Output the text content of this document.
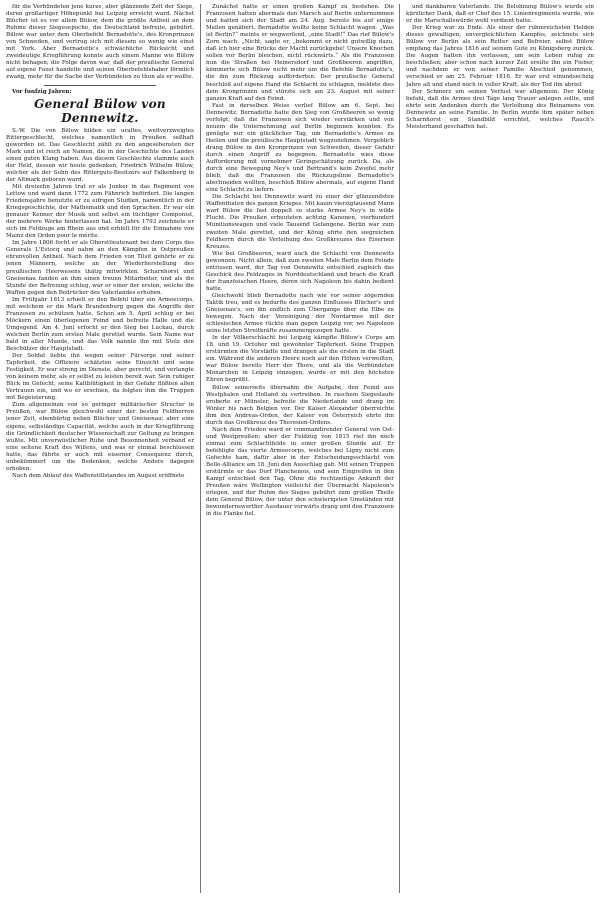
für die Verbündeten jene kurze, aber glänzende Zeit der Siege, deren großartiger Höhepunkt bei Leipzig erreicht ward. Nächst Blücher ist es vor allem Bülow, dem die größte Antheil an dem Ruhme dieser Siegesepoche, die Deutschland befreite, gebührt. Bülow war unter dem Oberbefehl Bernadotte's, des Kronprinzen von Schweden, und vertrug sich mit diesem so wenig wie einst mit York. Aber Bernadotte's schwächliche Rücksicht und zweideutige Kriegführung konnte auch einem Manne wie Bülow nicht behagen; die Folge davon war, daß der preußische General auf eigene Faust handelte und seinen Oberbefehlshaber förmlich zwang, mehr für die Sache der Verbündeten zu thun als er wollte.

Vor funfzig Jahren:

General Bülow von Dennewitz.

S.-W. Die von Bülow bilden ein uraltes, weitverzweigtes Rittergeschlecht, welches namentlich in Preußen seßhaft geworden ist. Das Geschlecht zählt zu den angesehensten der Mark und ist reich an Namen, die in der Geschichte des Landes einen guten Klang haben. Aus diesem Geschlechte stammte auch der Held, dessen wir heute gedenken, Friedrich Wilhelm Bülow, welcher als der Sohn des Ritterguts-Besitzers auf Falkenberg in der Altmark geboren ward.

Mit dreizehn Jahren trat er als Junker in das Regiment von Lettow und ward dann 1772 zum Fähnrich befördert. Die langen Friedensjahre benutzte er zu eifrigen Studien, namentlich in der Kriegsgeschichte, der Mathematik und den Sprachen. Er war ein genauer Kenner der Musik und selbst ein tüchtiger Componist, der mehrere Werke hinterlassen hat. Im Jahre 1793 zeichnete er sich im Feldzuge am Rhein aus und erhielt für die Einnahme von Mainz den Orden pour le mérite.

Im Jahre 1806 focht er als Oberstlieutenant bei dem Corps des Generals L'Estocq und nahm an den Kämpfen in Ostpreußen ehrenvollen Antheil. Nach dem Frieden von Tilsit gehörte er zu jenen Männern, welche an der Wiederherstellung des preußischen Heerwesens thätig mitwirkten. Scharnhorst und Gneisenau fanden an ihm einen treuen Mitarbeiter, und als die Stunde der Befreiung schlug, war er einer der ersten, welche die Waffen gegen den Bedrücker des Vaterlandes erhoben.

Im Frühjahr 1813 erhielt er den Befehl über ein Armeecorps, mit welchem er die Mark Brandenburg gegen die Angriffe der Franzosen zu schützen hatte. Schon am 5. April schlug er bei Möckern einen überlegenen Feind und befreite Halle und die Umgegend. Am 4. Juni erfocht er den Sieg bei Luckau, durch welchen Berlin zum ersten Male gerettet wurde. Sein Name war bald in aller Munde, und das Volk nannte ihn mit Stolz den Beschützer der Hauptstadt.

Der Soldat liebte ihn wegen seiner Fürsorge und seiner Tapferkeit, die Offiziere schätzten seine Einsicht und seine Festigkeit. Er war streng im Dienste, aber gerecht, und verlangte von keinem mehr, als er selbst zu leisten bereit war. Sein ruhiger Blick im Gefecht, seine Kaltblütigkeit in der Gefahr flößten allen Vertrauen ein, und wo er erschien, da folgten ihm die Truppen mit Begeisterung.

Zum allgemeinen von so geringer militärischer Structur in Preußen, war Bülow gleichwohl einer der besten Feldherren jener Zeit, ebenbürtig neben Blücher und Gneisenau; aber eine eigene, selbständige Capacität, welche auch in der Kriegführung die Gründlichkeit deutscher Wissenschaft zur Geltung zu bringen wußte. Mit unverwüstlicher Ruhe und Besonnenheit verband er eine seltene Kraft des Willens, und was er einmal beschlossen hatte, das führte er auch mit eiserner Consequenz durch, unbekümmert um die Bedenken, welche Andere dagegen erhoben.

Nach dem Ablauf des Waffenstillstandes im August eröffnete

Zunächst hatte er einen großen Kampf zu bestehen. Die Franzosen hatten abermals den Marsch auf Berlin unternommen und hatten sich der Stadt am 24. Aug. bereits bis auf einige Meilen genähert. Bernadotte wollte keine Schlacht wagen. „Was ist Berlin?“ meinte er wegwerfend, „eine Stadt!“ Das rief Bülow's Zorn wach. „Nicht, sagte er, „bekommt er nicht gutwillig dazu, daß ich hier eine Brücke der Macht zurückgebe! Unsere Knochen sollen vor Berlin bleichen, nicht rückwärts.“ Als die Franzosen nun die Straßen bei Heinersdorf und Großbeeren angriffen, kümmerte sich Bülow nicht mehr um die Befehle Bernadotte's, die ihn zum Rückzug aufforderten. Der preußische General beschloß auf eigene Hand die Schlacht zu schlagen, meldete dies dem Kronprinzen und stürzte sich am 23. August mit seiner ganzen Kraft auf den Feind.

Fast in derselben Weise verlief Bülow am 6. Sept. bei Dennewitz. Bernadotte hatte den Sieg von Großbeeren so wenig verfolgt, daß die Franzosen sich wieder verstärken und von neuem die Unternehmung auf Berlin beginnen konnten. Es genügte nur ein glücklicher Tag, um Bernadotte's Armee zu theilen und die preußische Hauptstadt wegzunehmen. Vergeblich drang Bülow in den Kronprinzen von Schweden, dieser Gefahr durch einen Angriff zu begegnen. Bernadotte wies diese Aufforderung mit vornehmer Geringschätzung zurück. Da, als durch eine Bewegung Ney's und Bertrand's kein Zweifel mehr blieb, daß die Franzosen die Rückzugslinie Bernadotte's abschneiden wollten, beschloß Bülow abermals, auf eigene Hand eine Schlacht zu liefern.

Die Schlacht bei Dennewitz ward zu einer der glänzendsten Waffenthaten des ganzen Krieges. Mit kaum vierzigtausend Mann warf Bülow die fast doppelt so starke Armee Ney's in wilde Flucht. Die Preußen erbeuteten achtzig Kanonen, vierhundert Munitionswagen und viele Tausend Gefangene. Berlin war zum zweiten Male gerettet, und der König ehrte den siegreichen Feldherrn durch die Verleihung des Großkreuzes des Eisernen Kreuzes.

Wie bei Großbeeren, ward auch die Schlacht von Dennewitz gewonnen. Nicht allein, daß zum zweiten Male Berlin dem Feinde entrissen ward, der Tag von Dennewitz entschied zugleich das Geschick des Feldzuges in Norddeutschland und brach die Kraft der französischen Heere, deren sich Napoleon bis dahin bedient hatte.

Gleichwohl blieb Bernadotte nach wie vor seiner zögernden Taktik treu, und es bedurfte des ganzen Einflusses Blücher's und Gneisenau's, um ihn endlich zum Übergange über die Elbe zu bewegen. Nach der Vereinigung der Nordarmee mit der schlesischen Armee rückte man gegen Leipzig vor, wo Napoleon seine letzten Streitkräfte zusammengezogen hatte.

In der Völkerschlacht bei Leipzig kämpfte Bülow's Corps am 18. und 19. October mit gewohnter Tapferkeit. Seine Truppen erstürmten die Vorstädte und drangen als die ersten in die Stadt ein. Während die anderen Heere noch auf den Höhen verweilten, war Bülow bereits Herr der Thore, und als die Verbündeten Monarchen in Leipzig einzogen, wurde er mit den höchsten Ehren begrüßt.

Bülow seinerseits übernahm die Aufgabe, den Feind aus Westphalen und Holland zu vertreiben. In raschem Siegeslaufe eroberte er Münster, befreite die Niederlande und drang im Winter bis nach Belgien vor. Der Kaiser Alexander überreichte ihm den Andreas-Orden, der Kaiser von Österreich ehrte ihn durch das Großkreuz des Theresien-Ordens.

Nach dem Frieden ward er commandirender General von Ost- und Westpreußen; aber der Feldzug von 1815 rief ihn noch einmal zum Schlachtfelde in einer großen Stunde auf. Er befehligte das vierte Armeecorps, welches bei Ligny nicht zum Gefechte kam, dafür aber in der Entscheidungsschlacht von Belle-Alliance am 18. Juni den Ausschlag gab. Mit seinen Truppen erstürmte er das Dorf Planchenois, und sein Eingreifen in den Kampf entschied den Tag. Ohne die rechtzeitige Ankunft der Preußen wäre Wellington vielleicht der Übermacht Napoleon's erlegen, und der Ruhm des Sieges gebührt zum großen Theile dem General Bülow, der unter den schwierigsten Umständen mit bewundernswerther Ausdauer vorwärts drang und den Franzosen in die Flanke fiel.

und dankbaren Vaterlande. Die Belohnung Bülow's wurde ein kürzlicher Dank, daß er Chef des 15. Linienregiments wurde, wie er die Marschallswürde wohl verdient hatte.

Der Krieg war zu Ende. Als einer der ruhmreichsten Helden dieses gewaltigen, unvergleichlichen Kampfes, zeichnete sich Bülow vor Berlin als sein Retter und Befreier, selbst Bülow empfang das Jahres 1816 auf seinem Gute zu Königsberg zurück. Die Augen hatten ihn verlassen, um sein Leben ruhig zu beschließen; aber schon nach kurzer Zeit ereilte ihn ein Fieber, und nachdem er von seiner Familie Abschied genommen, verschied er am 25. Februar 1816. Er war erst einundsechzig Jahre alt und stand noch in voller Kraft, als der Tod ihn abrief.

Der Schmerz um seinen Verlust war allgemein. Der König befahl, daß die Armee drei Tage lang Trauer anlegen sollte, und ehrte sein Andenken durch die Verleihung des Beinamens von Dennewitz an seine Familie. In Berlin wurde ihm später neben Scharnhorst ein Standbild errichtet, welches Rauch's Meisterhand geschaffen hat.
